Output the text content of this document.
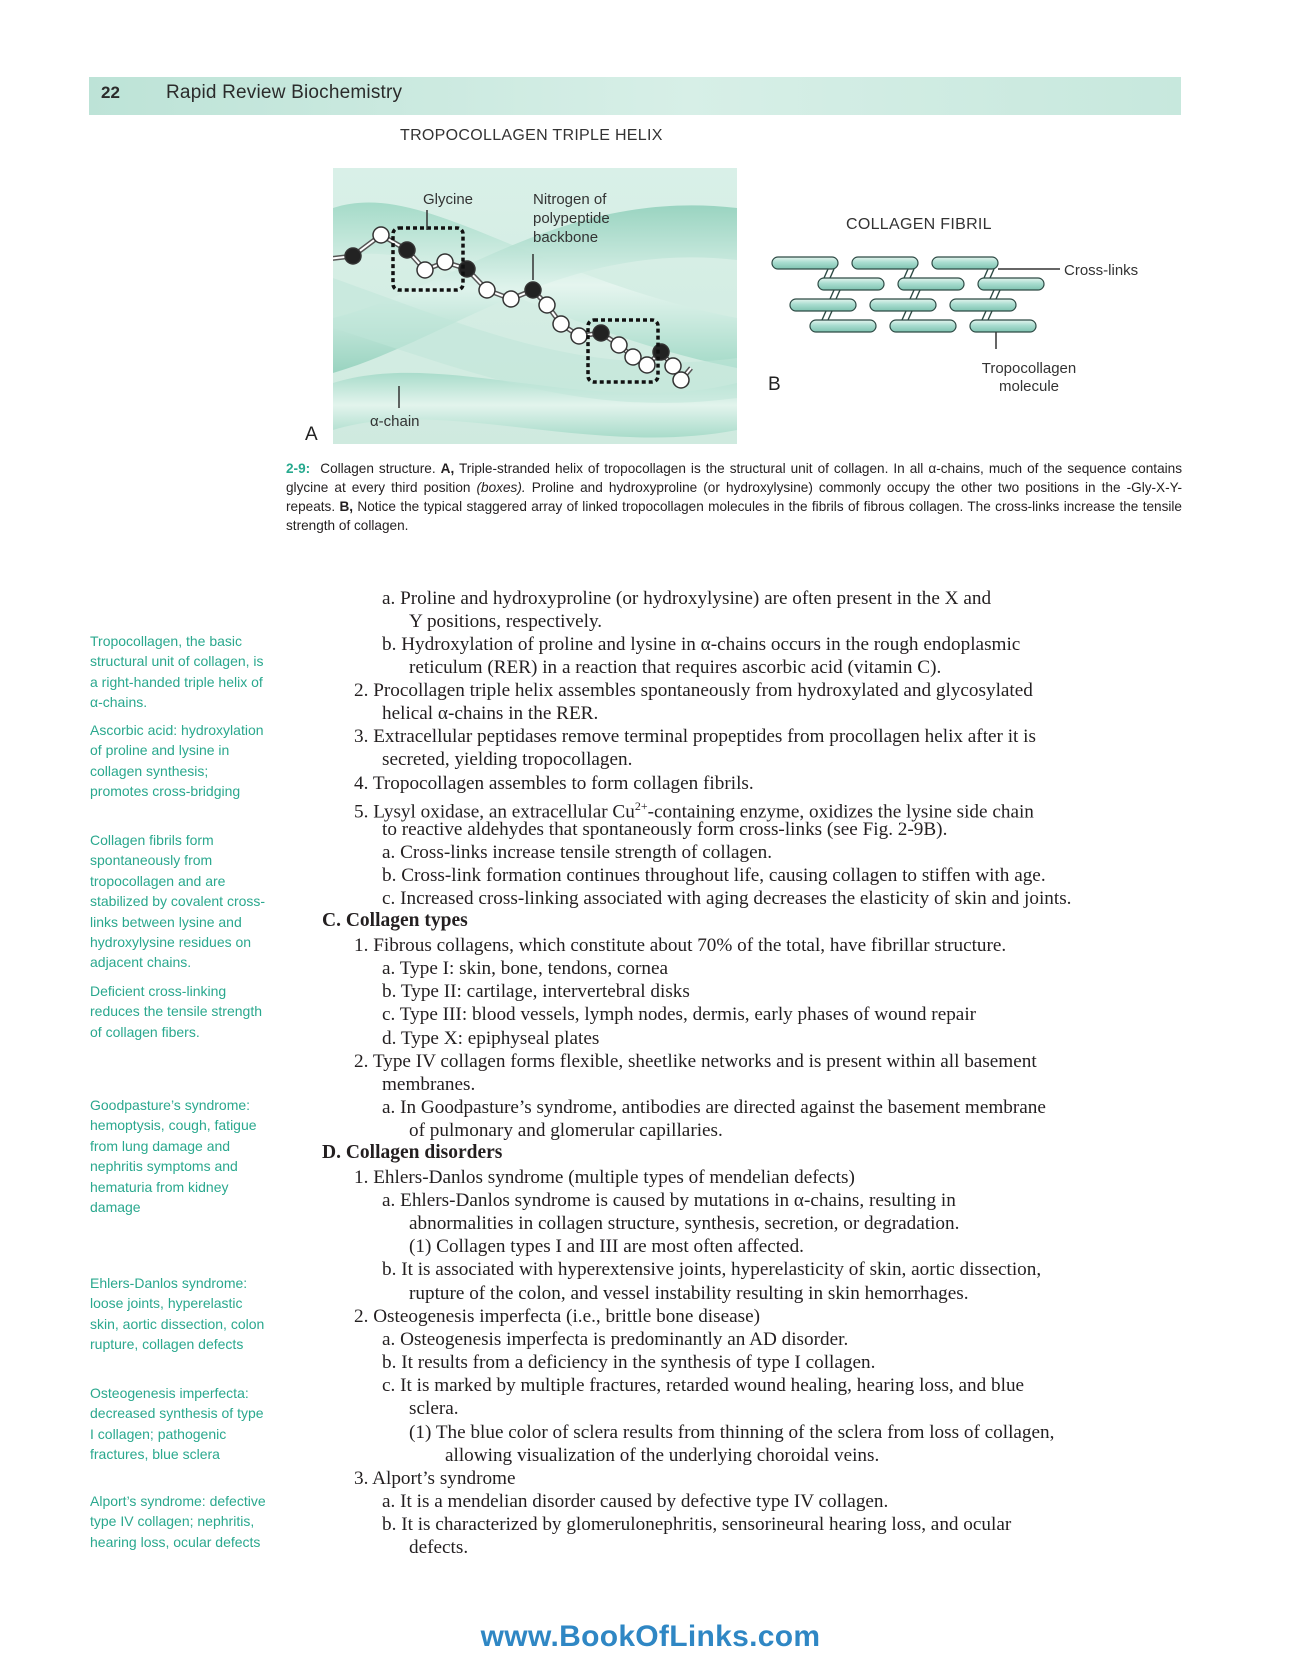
22 Rapid Review Biochemistry
TROPOCOLLAGEN TRIPLE HELIX
Glycine	Nitrogen of
polypeptide
backbone
α-chain
A
COLLAGEN FIBRIL
Cross-links
Tropocollagen
molecule
B
2-9: Collagen structure. A, Triple-stranded helix of tropocollagen is the structural unit of collagen. In all α-chains, much of the sequence contains glycine at every third position (boxes). Proline and hydroxyproline (or hydroxylysine) commonly occupy the other two positions in the -Gly-X-Y- repeats. B, Notice the typical staggered array of linked tropocollagen molecules in the fibrils of fibrous collagen. The cross-links increase the tensile strength of collagen.
Tropocollagen, the basic structural unit of collagen, is a right-handed triple helix of α-chains.
Ascorbic acid: hydroxylation of proline and lysine in collagen synthesis; promotes cross-bridging
Collagen fibrils form spontaneously from tropocollagen and are stabilized by covalent cross-links between lysine and hydroxylysine residues on adjacent chains.
Deficient cross-linking reduces the tensile strength of collagen fibers.
Goodpasture’s syndrome: hemoptysis, cough, fatigue from lung damage and nephritis symptoms and hematuria from kidney damage
Ehlers-Danlos syndrome: loose joints, hyperelastic skin, aortic dissection, colon rupture, collagen defects
Osteogenesis imperfecta: decreased synthesis of type I collagen; pathogenic fractures, blue sclera
Alport’s syndrome: defective type IV collagen; nephritis, hearing loss, ocular defects
a. Proline and hydroxyproline (or hydroxylysine) are often present in the X and
Y positions, respectively.
b. Hydroxylation of proline and lysine in α-chains occurs in the rough endoplasmic
reticulum (RER) in a reaction that requires ascorbic acid (vitamin C).
2. Procollagen triple helix assembles spontaneously from hydroxylated and glycosylated
helical α-chains in the RER.
3. Extracellular peptidases remove terminal propeptides from procollagen helix after it is
secreted, yielding tropocollagen.
4. Tropocollagen assembles to form collagen fibrils.
5. Lysyl oxidase, an extracellular $Cu^{2+}$-containing enzyme, oxidizes the lysine side chain
to reactive aldehydes that spontaneously form cross-links (see Fig. 2-9B).
a. Cross-links increase tensile strength of collagen.
b. Cross-link formation continues throughout life, causing collagen to stiffen with age.
c. Increased cross-linking associated with aging decreases the elasticity of skin and joints.
C. Collagen types
1. Fibrous collagens, which constitute about 70% of the total, have fibrillar structure.
a. Type I: skin, bone, tendons, cornea
b. Type II: cartilage, intervertebral disks
c. Type III: blood vessels, lymph nodes, dermis, early phases of wound repair
d. Type X: epiphyseal plates
2. Type IV collagen forms flexible, sheetlike networks and is present within all basement
membranes.
a. In Goodpasture’s syndrome, antibodies are directed against the basement membrane
of pulmonary and glomerular capillaries.
D. Collagen disorders
1. Ehlers-Danlos syndrome (multiple types of mendelian defects)
a. Ehlers-Danlos syndrome is caused by mutations in α-chains, resulting in
abnormalities in collagen structure, synthesis, secretion, or degradation.
(1) Collagen types I and III are most often affected.
b. It is associated with hyperextensive joints, hyperelasticity of skin, aortic dissection,
rupture of the colon, and vessel instability resulting in skin hemorrhages.
2. Osteogenesis imperfecta (i.e., brittle bone disease)
a. Osteogenesis imperfecta is predominantly an AD disorder.
b. It results from a deficiency in the synthesis of type I collagen.
c. It is marked by multiple fractures, retarded wound healing, hearing loss, and blue
sclera.
(1) The blue color of sclera results from thinning of the sclera from loss of collagen,
allowing visualization of the underlying choroidal veins.
3. Alport’s syndrome
a. It is a mendelian disorder caused by defective type IV collagen.
b. It is characterized by glomerulonephritis, sensorineural hearing loss, and ocular
defects.
www.BookOfLinks.com
